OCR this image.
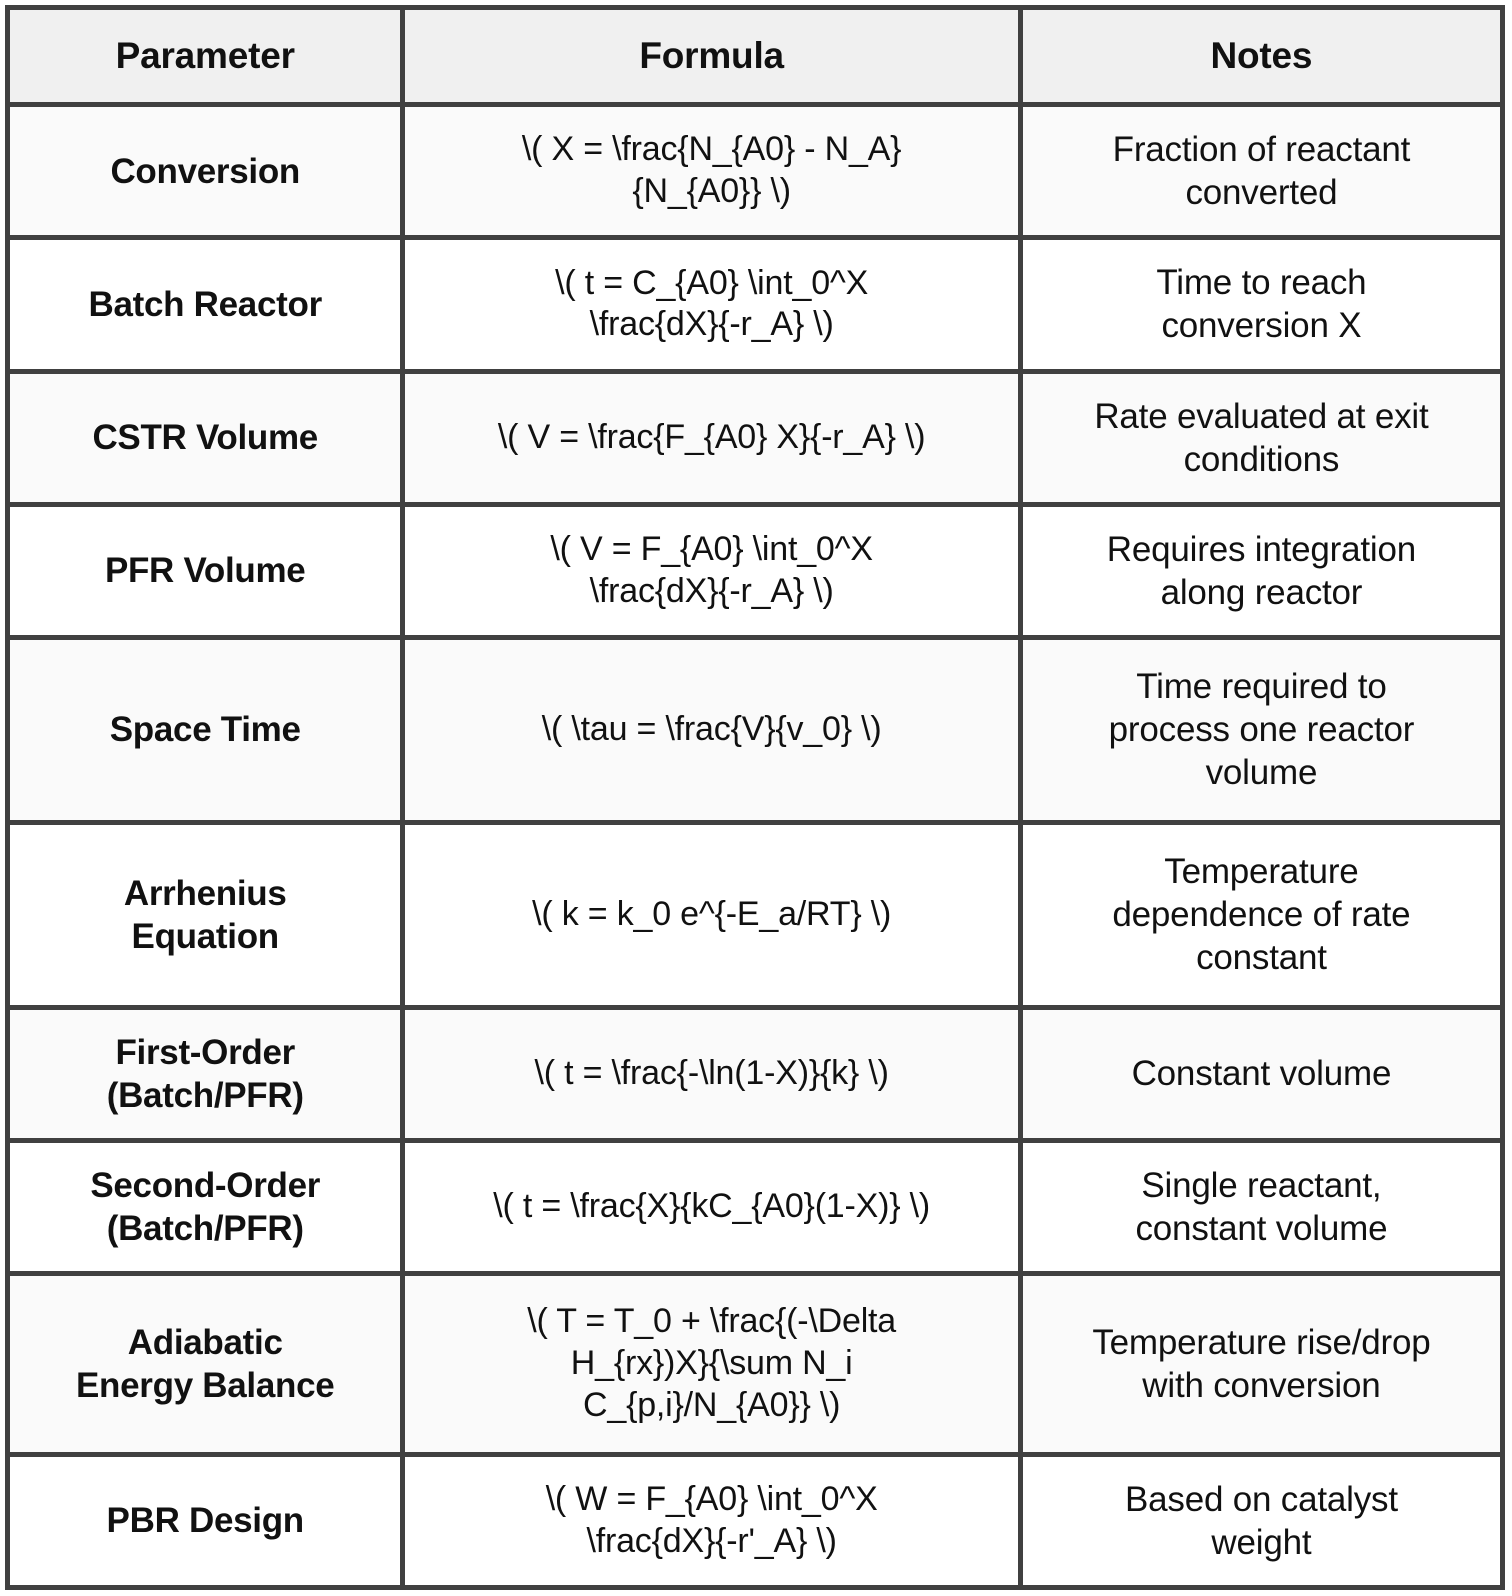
Parameter	Formula	Notes

Conversion	\( X = \frac{N_{A0} - N_A}
{N_{A0}} \)	Fraction of reactant
converted

Batch Reactor	\( t = C_{A0} \int_0^X
\frac{dX}{-r_A} \)	Time to reach
conversion X

CSTR Volume	\( V = \frac{F_{A0} X}{-r_A} \)	Rate evaluated at exit
conditions

PFR Volume	\( V = F_{A0} \int_0^X
\frac{dX}{-r_A} \)	Requires integration
along reactor

Space Time	\( \tau = \frac{V}{v_0} \)	Time required to
process one reactor
volume

Arrhenius
Equation	\( k = k_0 e^{-E_a/RT} \)	Temperature
dependence of rate
constant

First-Order
(Batch/PFR)	\( t = \frac{-\ln(1-X)}{k} \)	Constant volume

Second-Order
(Batch/PFR)	\( t = \frac{X}{kC_{A0}(1-X)} \)	Single reactant,
constant volume

Adiabatic
Energy Balance	\( T = T_0 + \frac{(-\Delta
H_{rx})X}{\sum N_i
C_{p,i}/N_{A0}} \)	Temperature rise/drop
with conversion

PBR Design	\( W = F_{A0} \int_0^X
\frac{dX}{-r'_A} \)	Based on catalyst
weight
